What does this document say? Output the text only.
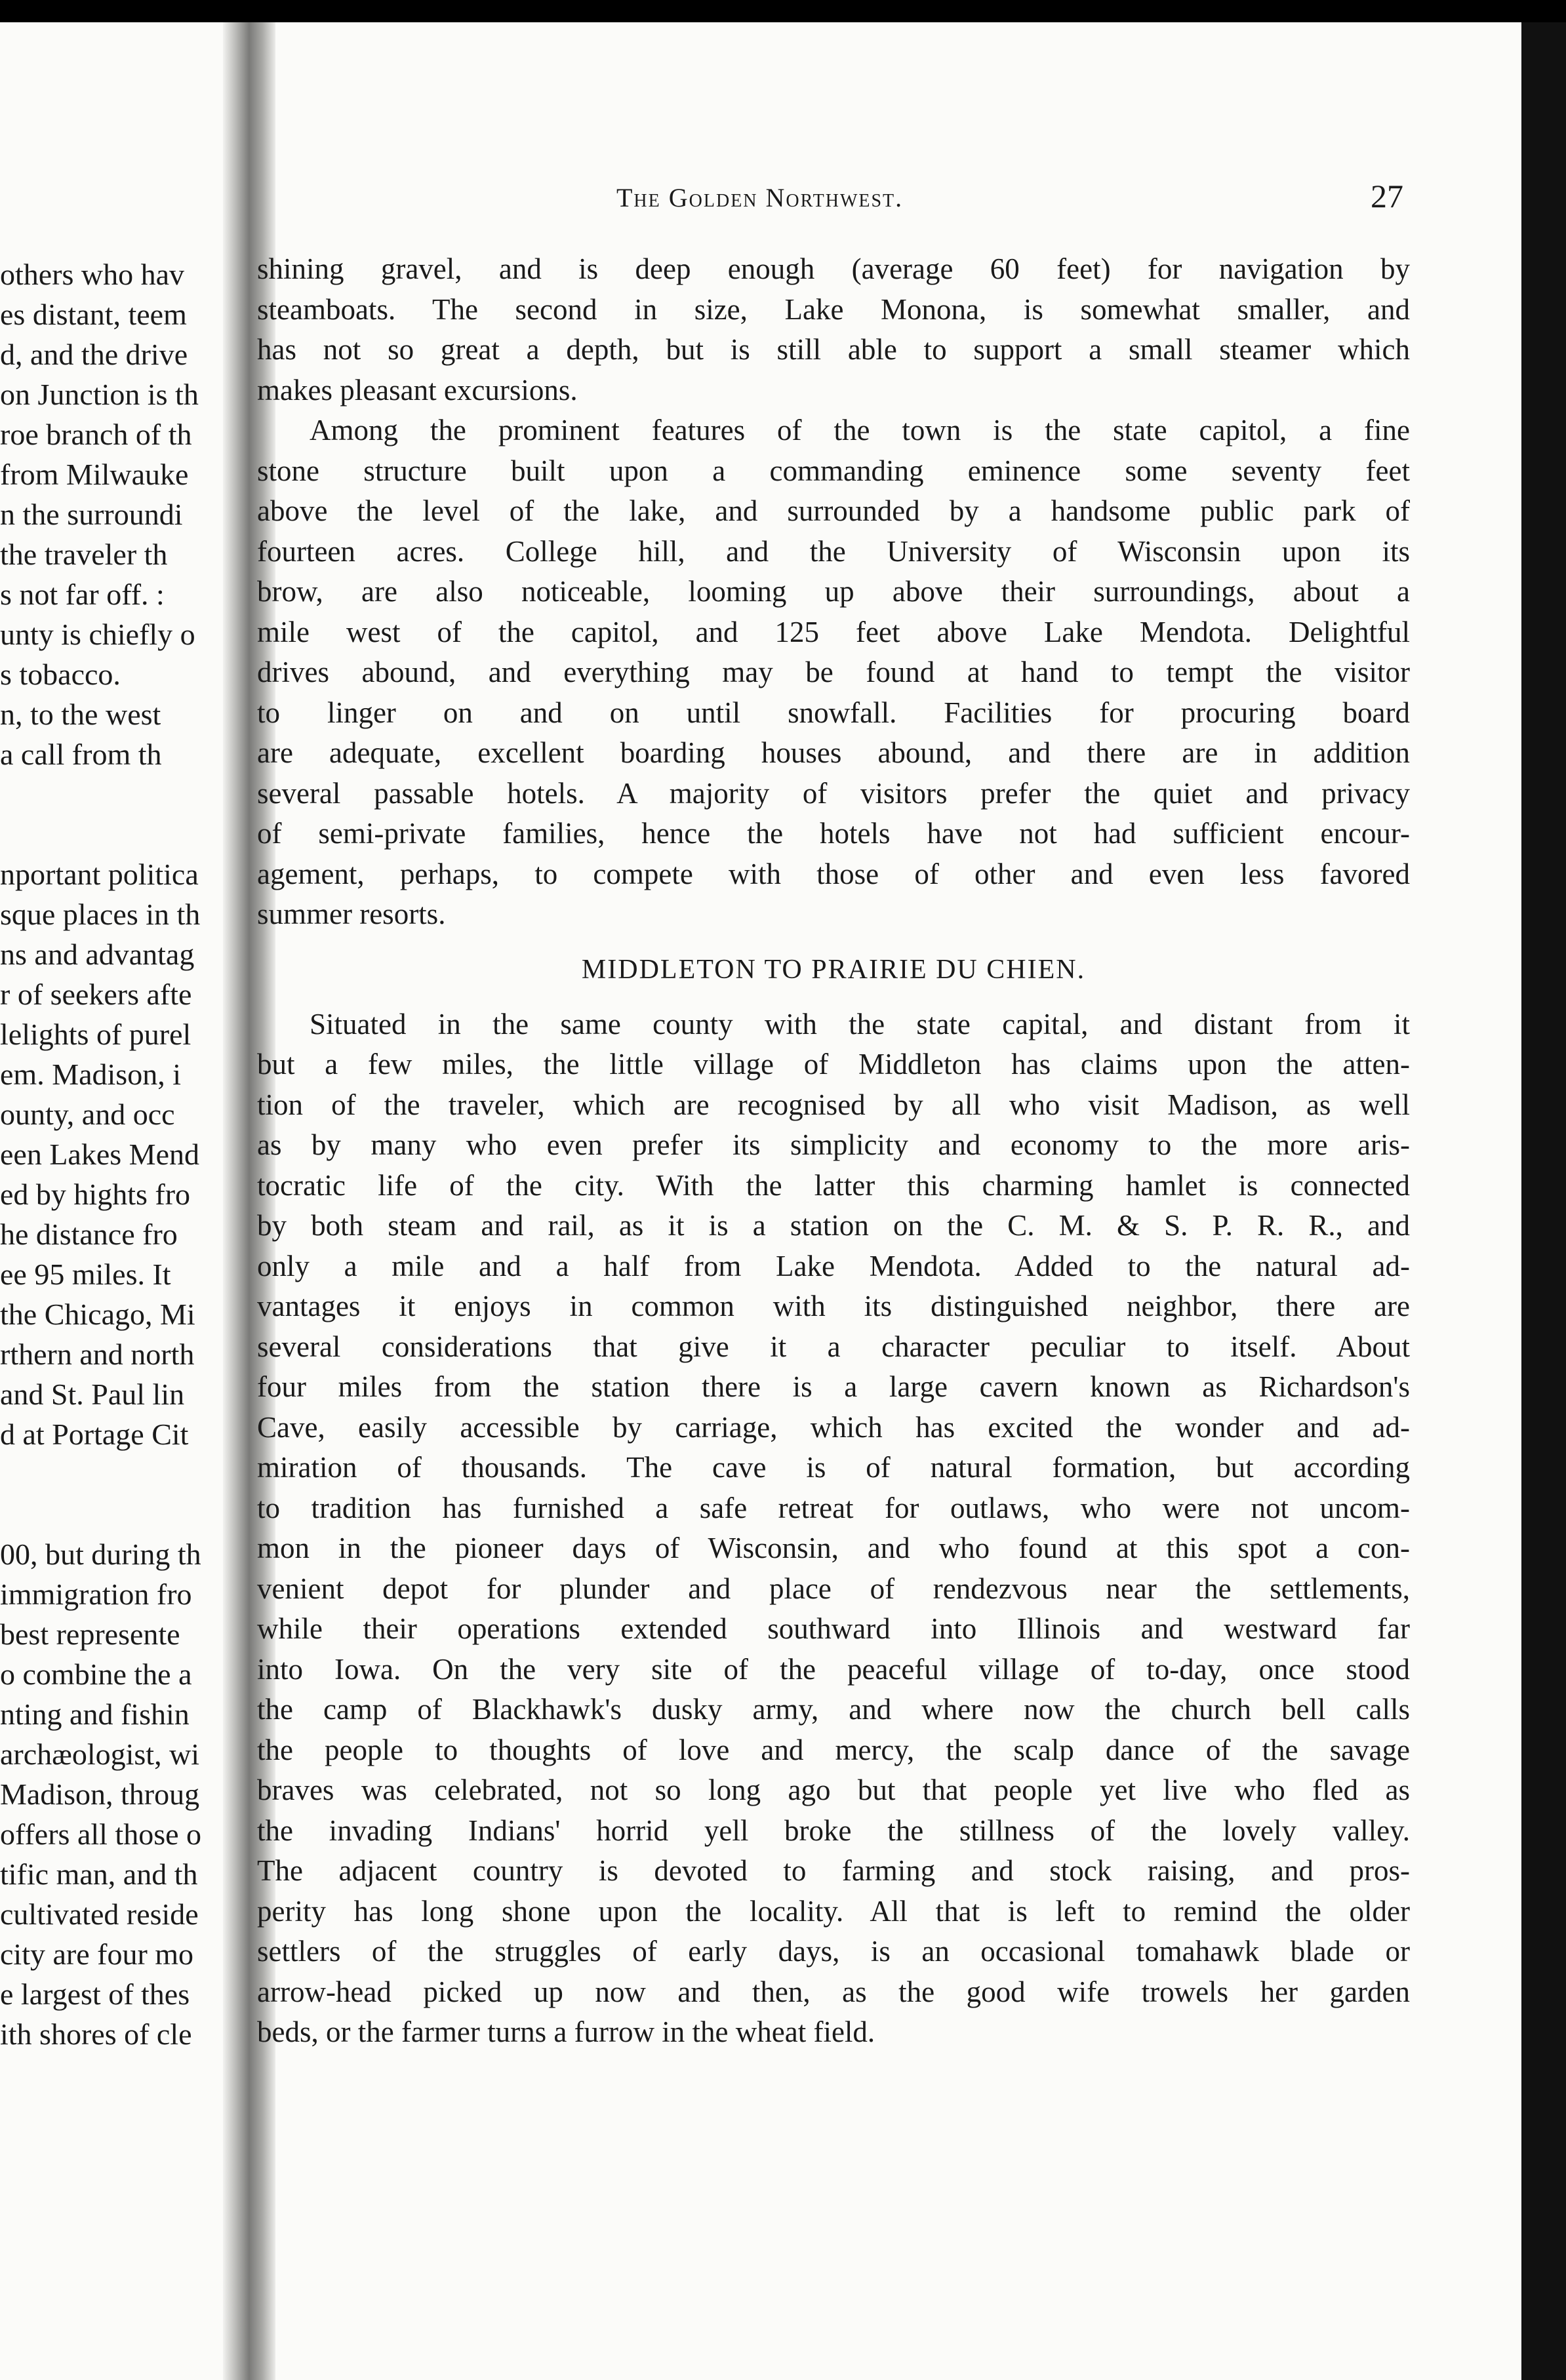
others who hav
es distant, teem
d, and the drive
on Junction is th
roe branch of th
from Milwauke
n the surroundi
the traveler th
s not far off. :
unty is chiefly o
s tobacco.
n, to the west
a call from th
nportant politica
sque places in th
ns and advantag
r of seekers afte
lelights of purel
em. Madison, i
ounty, and occ
een Lakes Mend
ed by hights fro
he distance fro
ee 95 miles. It
the Chicago, Mi
rthern and north
and St. Paul lin
d at Portage Cit
00, but during th
immigration fro
best represente
o combine the a
nting and fishin
archæologist, wi
Madison, throug
offers all those o
tific man, and th
cultivated reside
city are four mo
e largest of thes
ith shores of cle
The Golden Northwest.	27
shining gravel, and is deep enough (average 60 feet) for navigation by
steamboats. The second in size, Lake Monona, is somewhat smaller, and
has not so great a depth, but is still able to support a small steamer which
makes pleasant excursions.
Among the prominent features of the town is the state capitol, a fine
stone structure built upon a commanding eminence some seventy feet
above the level of the lake, and surrounded by a handsome public park of
fourteen acres. College hill, and the University of Wisconsin upon its
brow, are also noticeable, looming up above their surroundings, about a
mile west of the capitol, and 125 feet above Lake Mendota. Delightful
drives abound, and everything may be found at hand to tempt the visitor
to linger on and on until snowfall. Facilities for procuring board
are adequate, excellent boarding houses abound, and there are in addition
several passable hotels. A majority of visitors prefer the quiet and privacy
of semi-private families, hence the hotels have not had sufficient encour-
agement, perhaps, to compete with those of other and even less favored
summer resorts.
MIDDLETON TO PRAIRIE DU CHIEN.
Situated in the same county with the state capital, and distant from it
but a few miles, the little village of Middleton has claims upon the atten-
tion of the traveler, which are recognised by all who visit Madison, as well
as by many who even prefer its simplicity and economy to the more aris-
tocratic life of the city. With the latter this charming hamlet is connected
by both steam and rail, as it is a station on the C. M. & S. P. R. R., and
only a mile and a half from Lake Mendota. Added to the natural ad-
vantages it enjoys in common with its distinguished neighbor, there are
several considerations that give it a character peculiar to itself. About
four miles from the station there is a large cavern known as Richardson's
Cave, easily accessible by carriage, which has excited the wonder and ad-
miration of thousands. The cave is of natural formation, but according
to tradition has furnished a safe retreat for outlaws, who were not uncom-
mon in the pioneer days of Wisconsin, and who found at this spot a con-
venient depot for plunder and place of rendezvous near the settlements,
while their operations extended southward into Illinois and westward far
into Iowa. On the very site of the peaceful village of to-day, once stood
the camp of Blackhawk's dusky army, and where now the church bell calls
the people to thoughts of love and mercy, the scalp dance of the savage
braves was celebrated, not so long ago but that people yet live who fled as
the invading Indians' horrid yell broke the stillness of the lovely valley.
The adjacent country is devoted to farming and stock raising, and pros-
perity has long shone upon the locality. All that is left to remind the older
settlers of the struggles of early days, is an occasional tomahawk blade or
arrow-head picked up now and then, as the good wife trowels her garden
beds, or the farmer turns a furrow in the wheat field.
